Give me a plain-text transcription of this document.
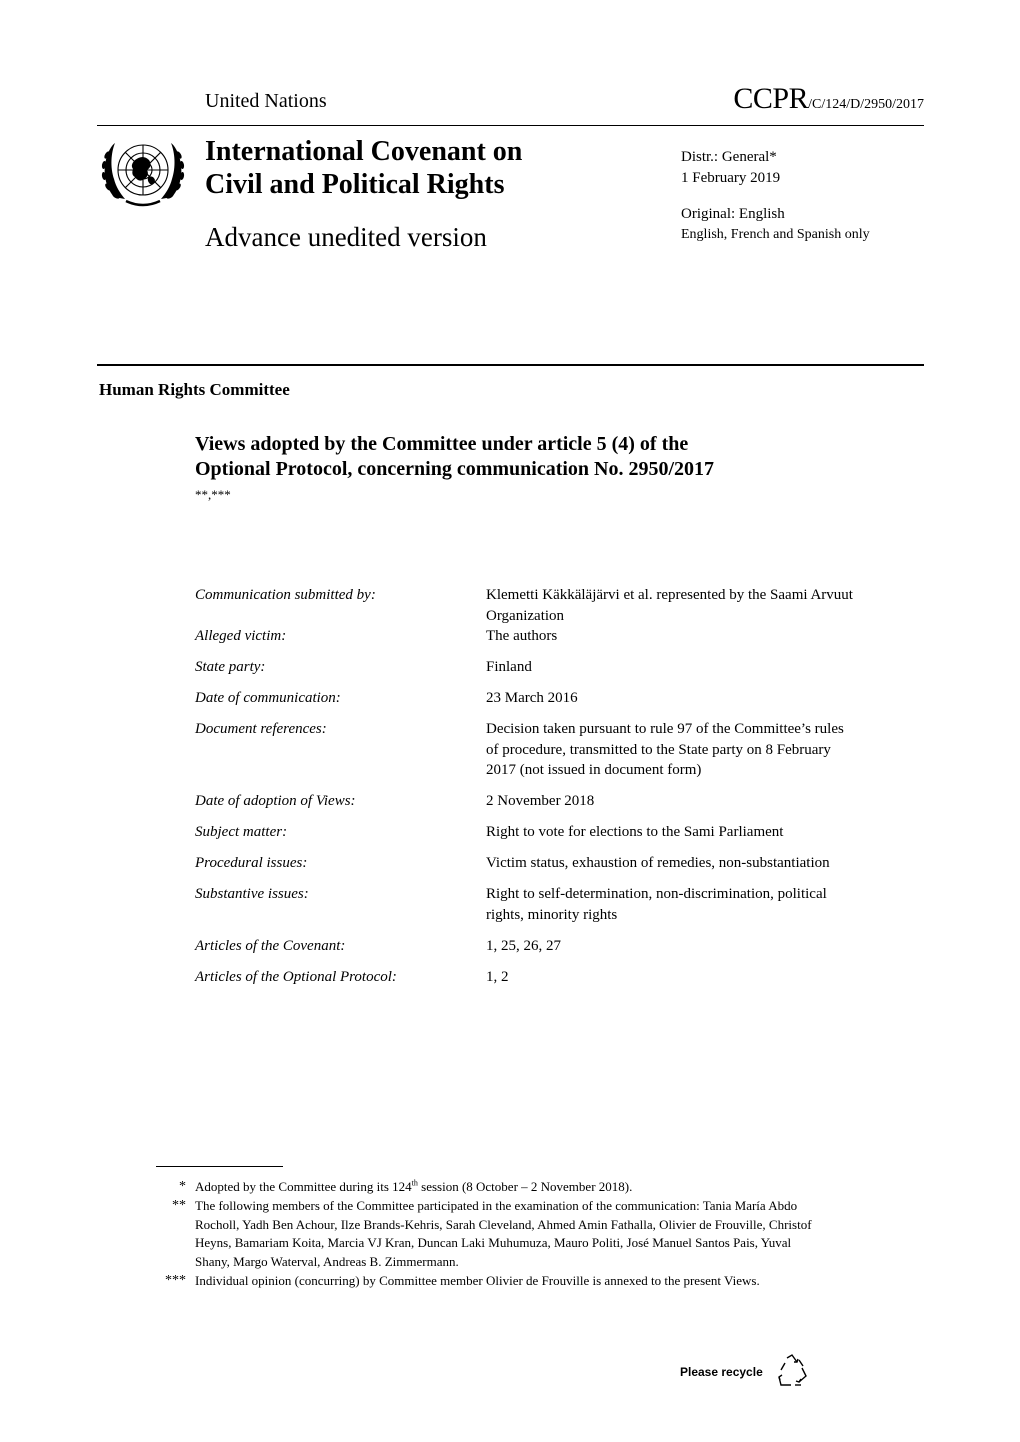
United Nations	CCPR/C/124/D/2950/2017
International Covenant on
Civil and Political Rights
Advance unedited version
Distr.: General*
1 February 2019
Original: English
English, French and Spanish only
Human Rights Committee
Views adopted by the Committee under article 5 (4) of the
Optional Protocol, concerning communication No. 2950/2017
**,***
Communication submitted by:	Klemetti Käkkäläjärvi et al. represented by the Saami Arvuut Organization
Alleged victim:	The authors
State party:	Finland
Date of communication:	23 March 2016
Document references:	Decision taken pursuant to rule 97 of the Committee’s rules of procedure, transmitted to the State party on 8 February 2017 (not issued in document form)
Date of adoption of Views:	2 November 2018
Subject matter:	Right to vote for elections to the Sami Parliament
Procedural issues:	Victim status, exhaustion of remedies, non-substantiation
Substantive issues:	Right to self-determination, non-discrimination, political rights, minority rights
Articles of the Covenant:	1, 25, 26, 27
Articles of the Optional Protocol:	1, 2
* Adopted by the Committee during its 124th session (8 October – 2 November 2018).
** The following members of the Committee participated in the examination of the communication: Tania María Abdo Rocholl, Yadh Ben Achour, Ilze Brands-Kehris, Sarah Cleveland, Ahmed Amin Fathalla, Olivier de Frouville, Christof Heyns, Bamariam Koita, Marcia VJ Kran, Duncan Laki Muhumuza, Mauro Politi, José Manuel Santos Pais, Yuval Shany, Margo Waterval, Andreas B. Zimmermann.
*** Individual opinion (concurring) by Committee member Olivier de Frouville is annexed to the present Views.
Please recycle
